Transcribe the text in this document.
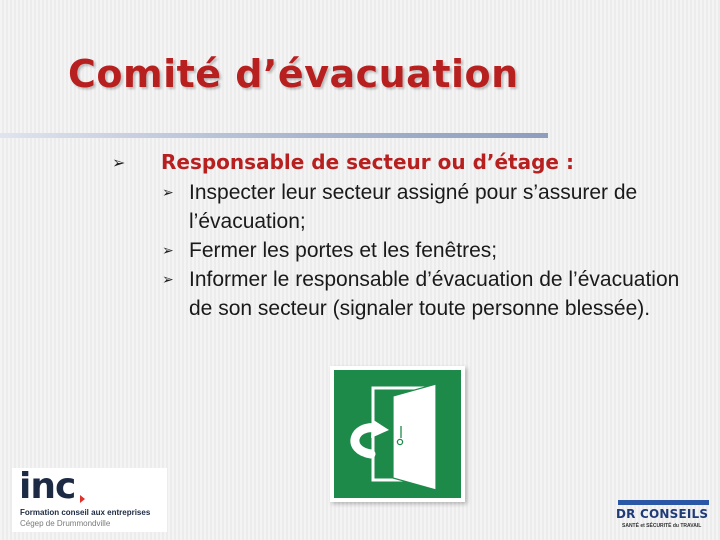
Comité d’évacuation
➢ Responsable de secteur ou d’étage :
➢ Inspecter leur secteur assigné pour s’assurer de l’évacuation;
➢ Fermer les portes et les fenêtres;
➢ Informer le responsable d’évacuation de l’évacuation de son secteur (signaler toute personne blessée).
inc
Formation conseil aux entreprises
Cégep de Drummondville
DR CONSEILS
SANTÉ et SÉCURITÉ du TRAVAIL
